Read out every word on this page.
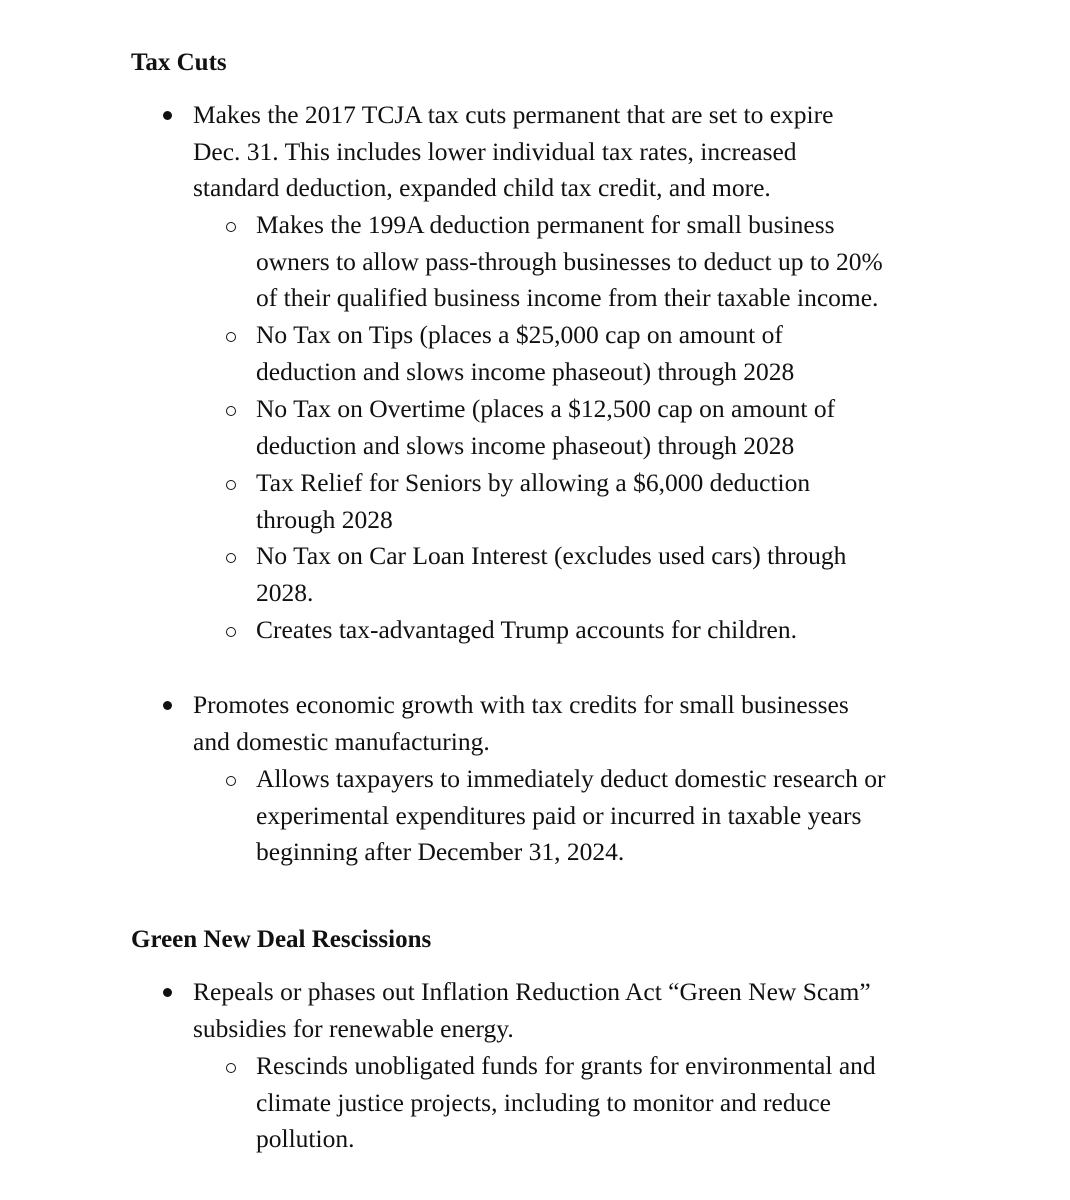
Tax Cuts
Makes the 2017 TCJA tax cuts permanent that are set to expire
Dec. 31. This includes lower individual tax rates, increased
standard deduction, expanded child tax credit, and more.
Makes the 199A deduction permanent for small business
owners to allow pass-through businesses to deduct up to 20%
of their qualified business income from their taxable income.
No Tax on Tips (places a $25,000 cap on amount of
deduction and slows income phaseout) through 2028
No Tax on Overtime (places a $12,500 cap on amount of
deduction and slows income phaseout) through 2028
Tax Relief for Seniors by allowing a $6,000 deduction
through 2028
No Tax on Car Loan Interest (excludes used cars) through
2028.
Creates tax-advantaged Trump accounts for children.
Promotes economic growth with tax credits for small businesses
and domestic manufacturing.
Allows taxpayers to immediately deduct domestic research or
experimental expenditures paid or incurred in taxable years
beginning after December 31, 2024.
Green New Deal Rescissions
Repeals or phases out Inflation Reduction Act “Green New Scam”
subsidies for renewable energy.
Rescinds unobligated funds for grants for environmental and
climate justice projects, including to monitor and reduce
pollution.
